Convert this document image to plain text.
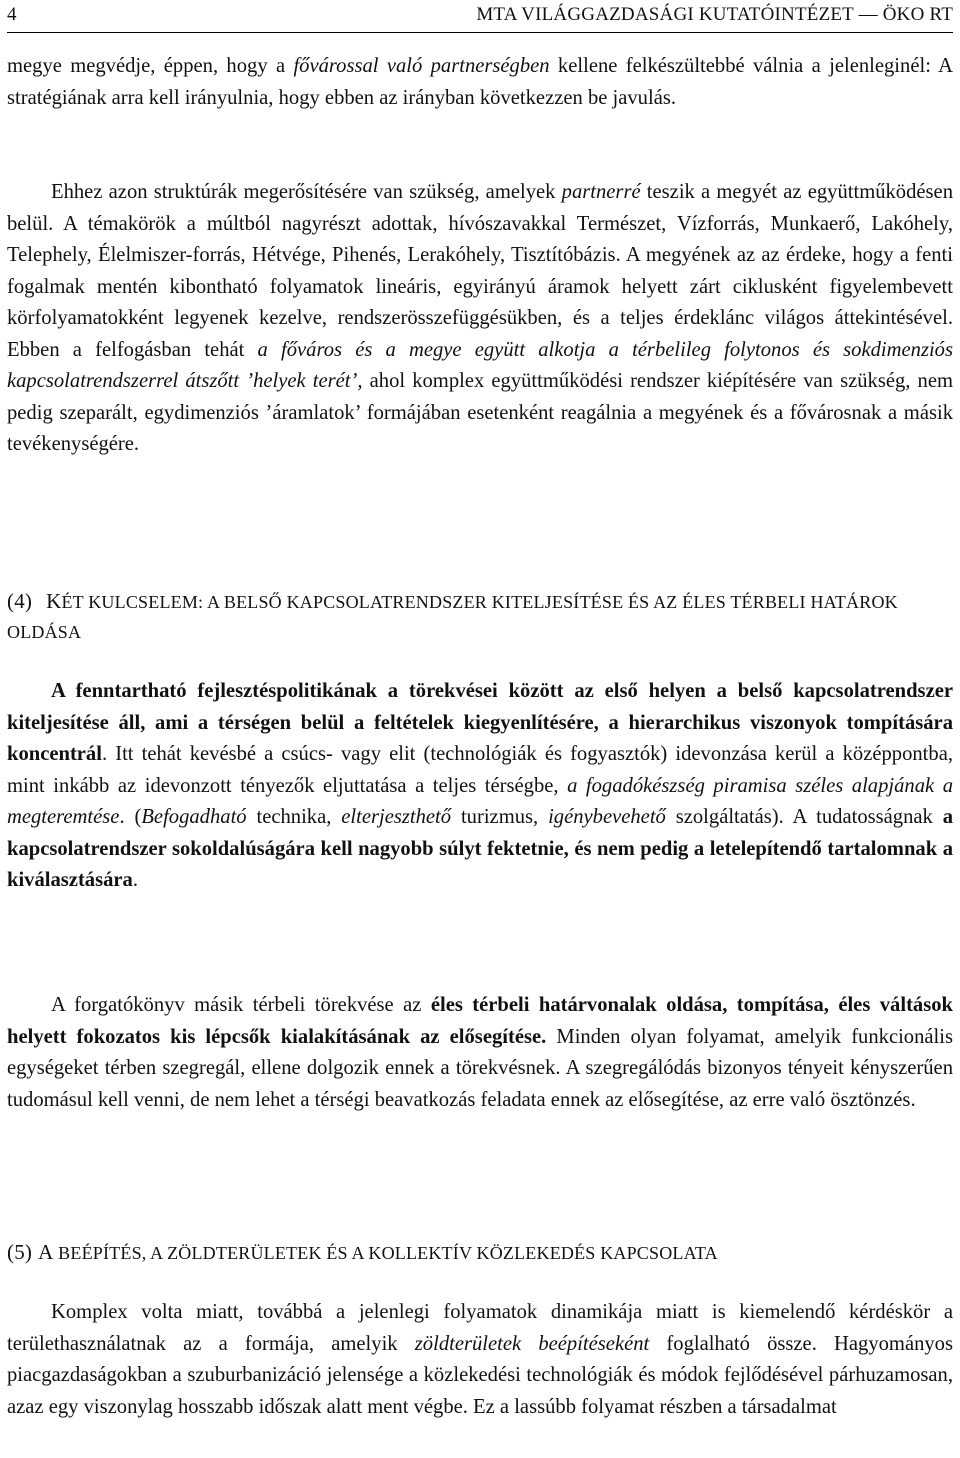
4	MTA VILÁGGAZDASÁGI KUTATÓINTÉZET — ÖKO RT

megye megvédje, éppen, hogy a fővárossal való partnerségben kellene felkészültebbé válnia a jelenleginél: A stratégiának arra kell irányulnia, hogy ebben az irányban következzen be javulás.

Ehhez azon struktúrák megerősítésére van szükség, amelyek partnerré teszik a megyét az együttműködésen belül. A témakörök a múltból nagyrészt adottak, hívószavakkal Természet, Vízforrás, Munkaerő, Lakóhely, Telephely, Élelmiszer-forrás, Hétvége, Pihenés, Lerakóhely, Tisztítóbázis. A megyének az az érdeke, hogy a fenti fogalmak mentén kibontható folyamatok lineáris, egyirányú áramok helyett zárt ciklusként figyelembevett körfolyamatokként legyenek kezelve, rendszerösszefüggésükben, és a teljes érdeklánc világos áttekintésével. Ebben a felfogásban tehát a főváros és a megye együtt alkotja a térbelileg folytonos és sokdimenziós kapcsolatrendszerrel átszőtt ’helyek terét’, ahol komplex együttműködési rendszer kiépítésére van szükség, nem pedig szeparált, egydimenziós ’áramlatok’ formájában esetenként reagálnia a megyének és a fővárosnak a másik tevékenységére.

(4) KÉT KULCSELEM: A BELSŐ KAPCSOLATRENDSZER KITELJESÍTÉSE ÉS AZ ÉLES TÉRBELI HATÁROK OLDÁSA

A fenntartható fejlesztéspolitikának a törekvései között az első helyen a belső kapcsolatrendszer kiteljesítése áll, ami a térségen belül a feltételek kiegyenlítésére, a hierarchikus viszonyok tompítására koncentrál. Itt tehát kevésbé a csúcs- vagy elit (technológiák és fogyasztók) idevonzása kerül a középpontba, mint inkább az idevonzott tényezők eljuttatása a teljes térségbe, a fogadókészség piramisa széles alapjának a megteremtése. (Befogadható technika, elterjeszthető turizmus, igénybevehető szolgáltatás). A tudatosságnak a kapcsolatrendszer sokoldalúságára kell nagyobb súlyt fektetnie, és nem pedig a letelepítendő tartalomnak a kiválasztására.

A forgatókönyv másik térbeli törekvése az éles térbeli határvonalak oldása, tompítása, éles váltások helyett fokozatos kis lépcsők kialakításának az elősegítése. Minden olyan folyamat, amelyik funkcionális egységeket térben szegregál, ellene dolgozik ennek a törekvésnek. A szegregálódás bizonyos tényeit kényszerűen tudomásul kell venni, de nem lehet a térségi beavatkozás feladata ennek az elősegítése, az erre való ösztönzés.

(5) A BEÉPÍTÉS, A ZÖLDTERÜLETEK ÉS A KOLLEKTÍV KÖZLEKEDÉS KAPCSOLATA

Komplex volta miatt, továbbá a jelenlegi folyamatok dinamikája miatt is kiemelendő kérdéskör a területhasználatnak az a formája, amelyik zöldterületek beépítéseként foglalható össze. Hagyományos piacgazdaságokban a szuburbanizáció jelensége a közlekedési technológiák és módok fejlődésével párhuzamosan, azaz egy viszonylag hosszabb időszak alatt ment végbe. Ez a lassúbb folyamat részben a társadalmat
